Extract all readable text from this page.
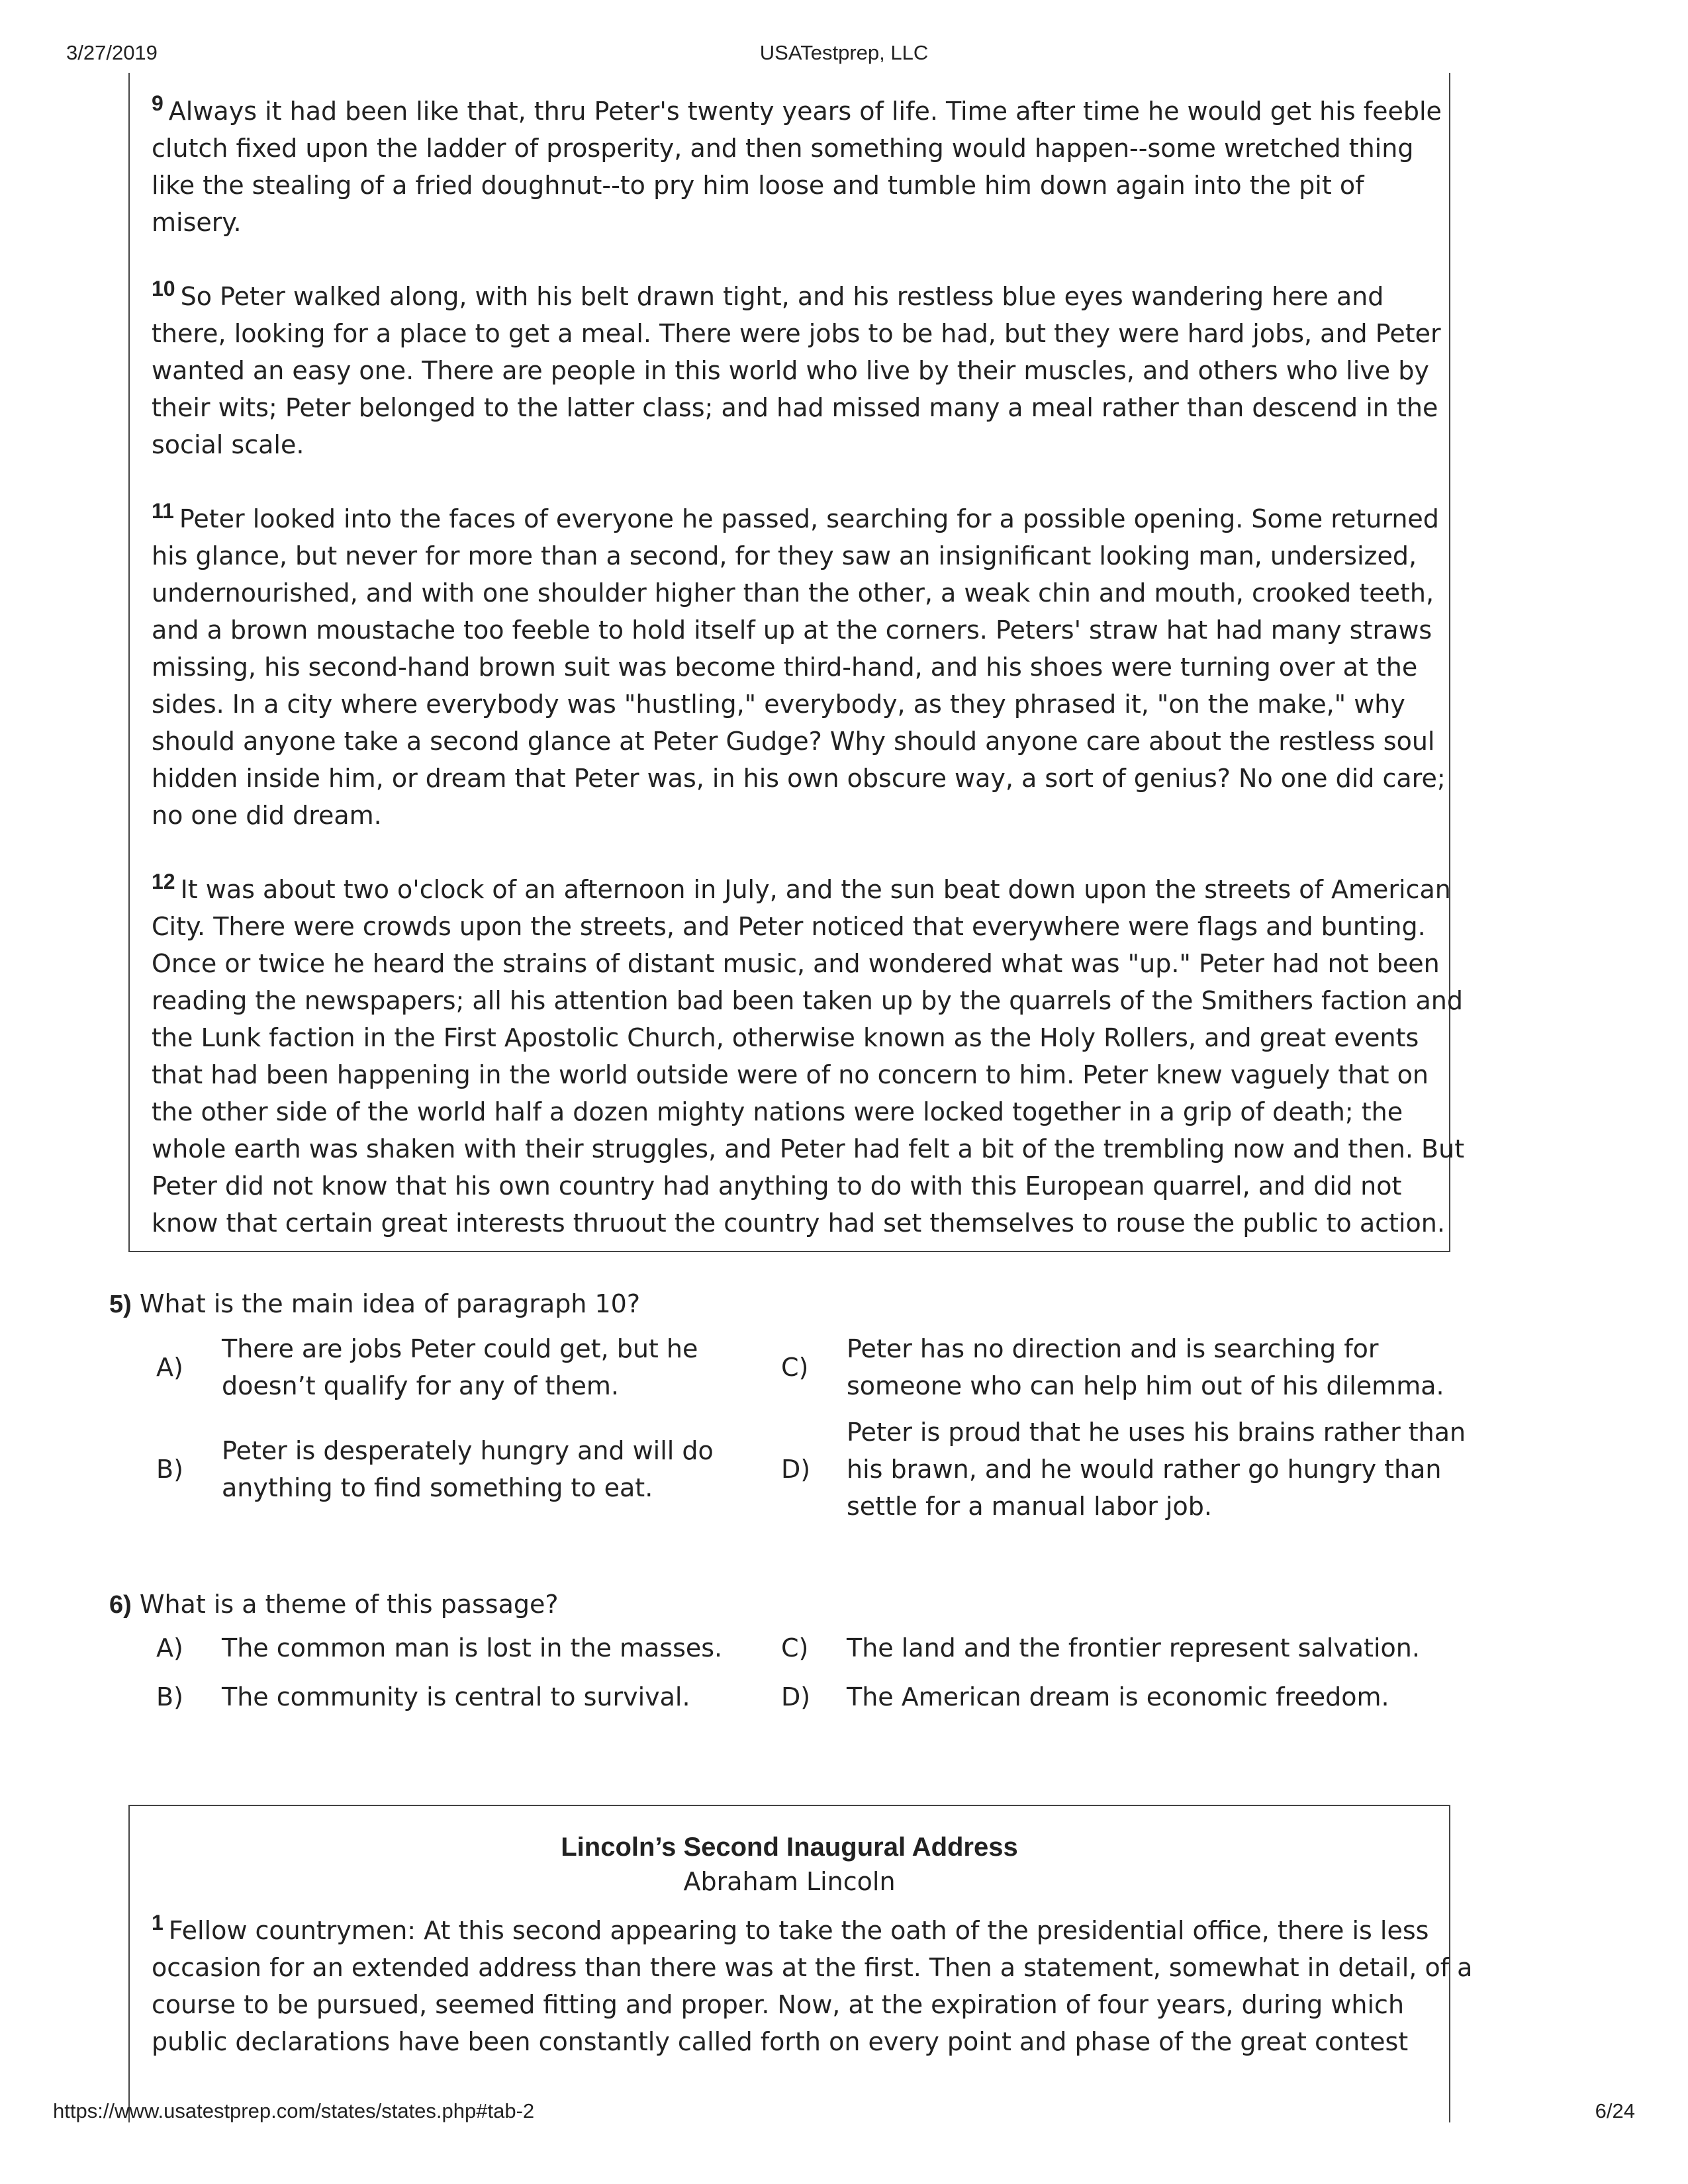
3/27/2019	USATestprep, LLC
$^9$ Always it had been like that, thru Peter's twenty years of life. Time after time he would get his feeble
clutch fixed upon the ladder of prosperity, and then something would happen--some wretched thing
like the stealing of a fried doughnut--to pry him loose and tumble him down again into the pit of
misery.
$^{10}$ So Peter walked along, with his belt drawn tight, and his restless blue eyes wandering here and
there, looking for a place to get a meal. There were jobs to be had, but they were hard jobs, and Peter
wanted an easy one. There are people in this world who live by their muscles, and others who live by
their wits; Peter belonged to the latter class; and had missed many a meal rather than descend in the
social scale.
$^{11}$ Peter looked into the faces of everyone he passed, searching for a possible opening. Some returned
his glance, but never for more than a second, for they saw an insignificant looking man, undersized,
undernourished, and with one shoulder higher than the other, a weak chin and mouth, crooked teeth,
and a brown moustache too feeble to hold itself up at the corners. Peters' straw hat had many straws
missing, his second-hand brown suit was become third-hand, and his shoes were turning over at the
sides. In a city where everybody was "hustling," everybody, as they phrased it, "on the make," why
should anyone take a second glance at Peter Gudge? Why should anyone care about the restless soul
hidden inside him, or dream that Peter was, in his own obscure way, a sort of genius? No one did care;
no one did dream.
$^{12}$ It was about two o'clock of an afternoon in July, and the sun beat down upon the streets of American
City. There were crowds upon the streets, and Peter noticed that everywhere were flags and bunting.
Once or twice he heard the strains of distant music, and wondered what was "up." Peter had not been
reading the newspapers; all his attention bad been taken up by the quarrels of the Smithers faction and
the Lunk faction in the First Apostolic Church, otherwise known as the Holy Rollers, and great events
that had been happening in the world outside were of no concern to him. Peter knew vaguely that on
the other side of the world half a dozen mighty nations were locked together in a grip of death; the
whole earth was shaken with their struggles, and Peter had felt a bit of the trembling now and then. But
Peter did not know that his own country had anything to do with this European quarrel, and did not
know that certain great interests thruout the country had set themselves to rouse the public to action.
5) What is the main idea of paragraph 10?
A)
There are jobs Peter could get, but he
doesn’t qualify for any of them.
B)
Peter is desperately hungry and will do
anything to find something to eat.
C)
Peter has no direction and is searching for
someone who can help him out of his dilemma.
D)
Peter is proud that he uses his brains rather than
his brawn, and he would rather go hungry than
settle for a manual labor job.
6) What is a theme of this passage?
A) The common man is lost in the masses.
B) The community is central to survival.
C) The land and the frontier represent salvation.
D) The American dream is economic freedom.
Lincoln’s Second Inaugural Address
Abraham Lincoln
$^1$ Fellow countrymen: At this second appearing to take the oath of the presidential office, there is less
occasion for an extended address than there was at the first. Then a statement, somewhat in detail, of a
course to be pursued, seemed fitting and proper. Now, at the expiration of four years, during which
public declarations have been constantly called forth on every point and phase of the great contest
https://www.usatestprep.com/states/states.php#tab-2	6/24
